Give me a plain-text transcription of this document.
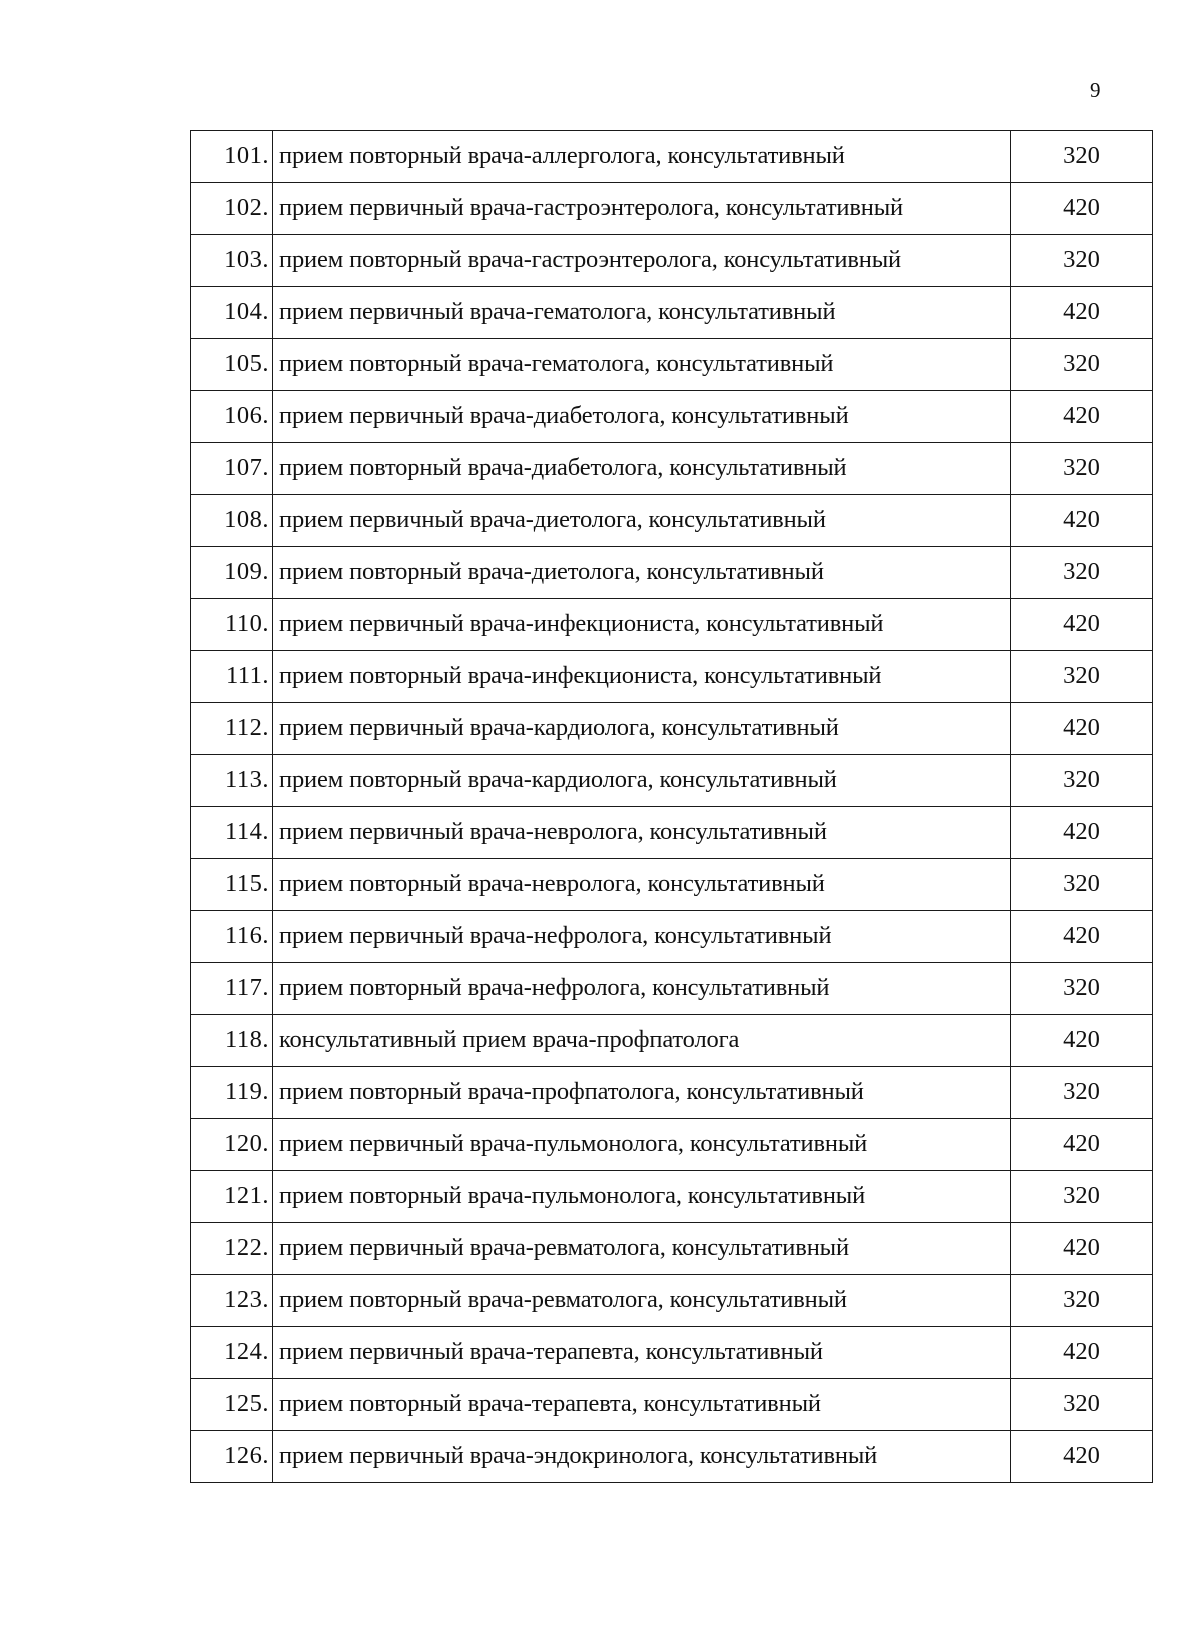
9
101.	прием повторный врача-аллерголога, консультативный	320
102.	прием первичный врача-гастроэнтеролога, консультативный	420
103.	прием повторный врача-гастроэнтеролога, консультативный	320
104.	прием первичный врача-гематолога, консультативный	420
105.	прием повторный врача-гематолога, консультативный	320
106.	прием первичный врача-диабетолога, консультативный	420
107.	прием повторный врача-диабетолога, консультативный	320
108.	прием первичный врача-диетолога, консультативный	420
109.	прием повторный врача-диетолога, консультативный	320
110.	прием первичный врача-инфекциониста, консультативный	420
111.	прием повторный врача-инфекциониста, консультативный	320
112.	прием первичный врача-кардиолога, консультативный	420
113.	прием повторный врача-кардиолога, консультативный	320
114.	прием первичный врача-невролога, консультативный	420
115.	прием повторный врача-невролога, консультативный	320
116.	прием первичный врача-нефролога, консультативный	420
117.	прием повторный врача-нефролога, консультативный	320
118.	консультативный прием врача-профпатолога	420
119.	прием повторный врача-профпатолога, консультативный	320
120.	прием первичный врача-пульмонолога, консультативный	420
121.	прием повторный врача-пульмонолога, консультативный	320
122.	прием первичный врача-ревматолога, консультативный	420
123.	прием повторный врача-ревматолога, консультативный	320
124.	прием первичный врача-терапевта, консультативный	420
125.	прием повторный врача-терапевта, консультативный	320
126.	прием первичный врача-эндокринолога, консультативный	420
